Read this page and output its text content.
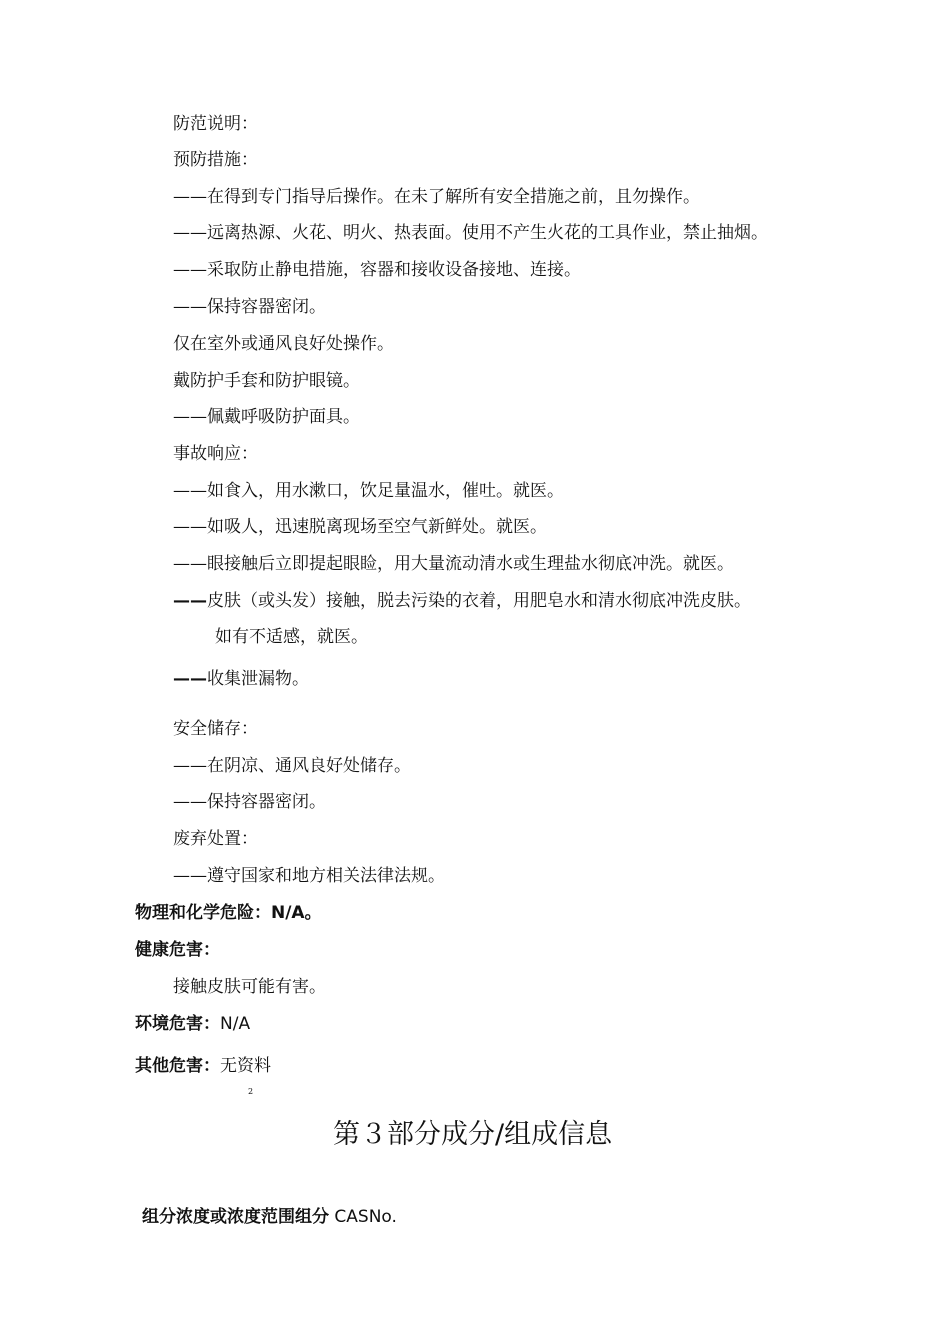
防范说明：
预防措施：
——在得到专门指导后操作。在未了解所有安全措施之前，且勿操作。
——远离热源、火花、明火、热表面。使用不产生火花的工具作业，禁止抽烟。
——采取防止静电措施，容器和接收设备接地、连接。
——保持容器密闭。
仅在室外或通风良好处操作。
戴防护手套和防护眼镜。
——佩戴呼吸防护面具。
事故响应：
——如食入，用水漱口，饮足量温水，催吐。就医。
——如吸人，迅速脱离现场至空气新鲜处。就医。
——眼接触后立即提起眼睑，用大量流动清水或生理盐水彻底冲洗。就医。
——皮肤（或头发）接触，脱去污染的衣着，用肥皂水和清水彻底冲洗皮肤。
如有不适感，就医。
——收集泄漏物。
安全储存：
——在阴凉、通风良好处储存。
——保持容器密闭。
废弃处置：
——遵守国家和地方相关法律法规。
物理和化学危险：N/A。
健康危害：
接触皮肤可能有害。
环境危害：N/A
其他危害：无资料
2
第３部分成分/组成信息
组分浓度或浓度范围组分 CASNo.
